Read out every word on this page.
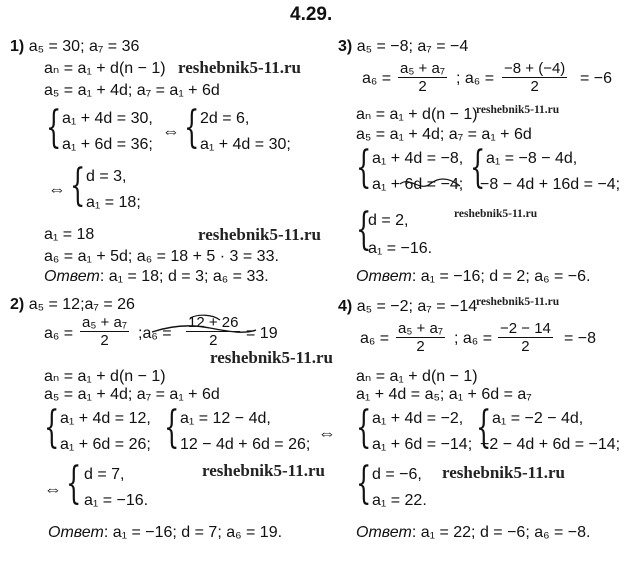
4.29.
1) a₅ = 30; a₇ = 36
aₙ = a₁ + d(n − 1) reshebnik5-11.ru
a₅ = a₁ + 4d; a₇ = a₁ + 6d
{ a₁ + 4d = 30,
a₁ + 6d = 36;
⇔ { 2d = 6,
a₁ + 4d = 30;
⇔ { d = 3,
a₁ = 18;
a₁ = 18	reshebnik5-11.ru
a₆ = a₁ + 5d; a₆ = 18 + 5 · 3 = 33.
Ответ: a₁ = 18; d = 3; a₆ = 33.
2) a₅ = 12;a₇ = 26
$a_6 = \frac{\text{a₅ + a₇}}{2}$ ;a₆ = $\frac{12 + 26}{2} = 19$
reshebnik5-11.ru
aₙ = a₁ + d(n − 1)
a₅ = a₁ + 4d; a₇ = a₁ + 6d
{ a₁ + 4d = 12,
a₁ + 6d = 26; { a₁ = 12 − 4d,
12 − 4d + 6d = 26;
⇔
reshebnik5-11.ru
⇔ { d = 7,
a₁ = −16.
Ответ: a₁ = −16; d = 7; a₆ = 19.
3) a₅ = −8; a₇ = −4
$a_6 = \frac{\text{a₅ + a₇}}{2}$ ; $a_6 = \frac{-8 + (-4)}{2} = -6$
aₙ = a₁ + d(n − 1)
reshebnik5-11.ru
a₅ = a₁ + 4d; a₇ = a₁ + 6d
{ a₁ + 4d = −8,
a₁ + 6d = −4; { a₁ = −8 − 4d,
−8 − 4d + 16d = −4;
reshebnik5-11.ru
{
d = 2,
a₁ = −16.
Ответ: a₁ = −16; d = 2; a₆ = −6.
4) a₅ = −2; a₇ = −14
reshebnik5-11.ru
$a_6 = \frac{\text{a₅ + a₇}}{2}$ ; $a_6 = \frac{-2 - 14}{2} = -8$
aₙ = a₁ + d(n − 1)
a₁ + 4d = a₅; a₁ + 6d = a₇
{ a₁ + 4d = −2,
a₁ + 6d = −14; { a₁ = −2 − 4d,
−2 − 4d + 6d = −14;
{ d = −6, reshebnik5-11.ru
a₁ = 22.
Ответ: a₁ = 22; d = −6; a₆ = −8.
